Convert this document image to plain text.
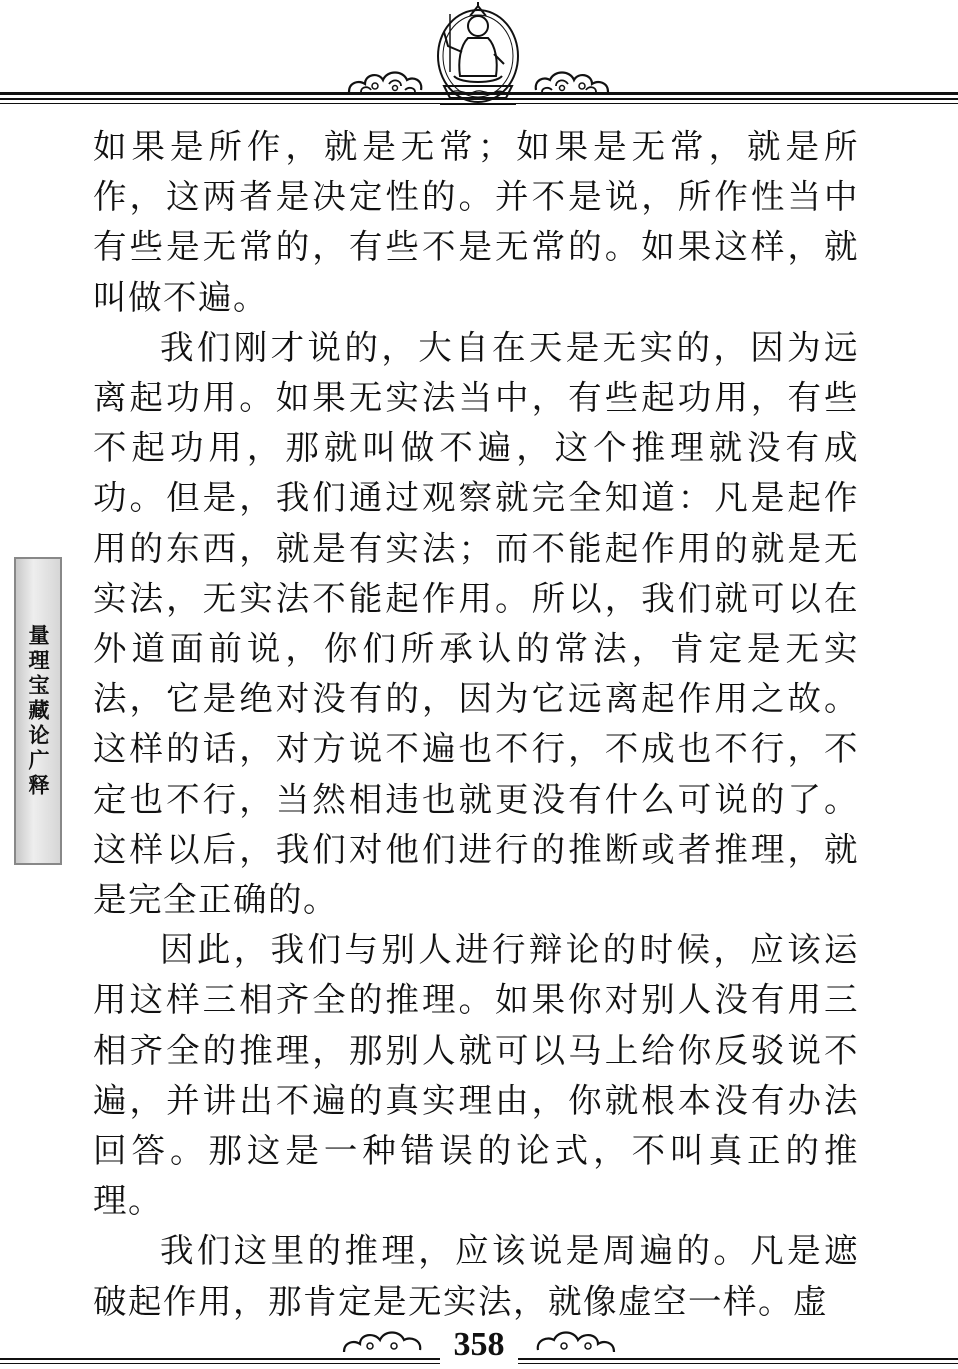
量理宝藏论广释

如果是所作，就是无常；如果是无常，就是所作，这两者是决定性的。并不是说，所作性当中有些是无常的，有些不是无常的。如果这样，就叫做不遍。

我们刚才说的，大自在天是无实的，因为远离起功用。如果无实法当中，有些起功用，有些不起功用，那就叫做不遍，这个推理就没有成功。但是，我们通过观察就完全知道：凡是起作用的东西，就是有实法；而不能起作用的就是无实法，无实法不能起作用。所以，我们就可以在外道面前说，你们所承认的常法，肯定是无实法，它是绝对没有的，因为它远离起作用之故。这样的话，对方说不遍也不行，不成也不行，不定也不行，当然相违也就更没有什么可说的了。这样以后，我们对他们进行的推断或者推理，就是完全正确的。

因此，我们与别人进行辩论的时候，应该运用这样三相齐全的推理。如果你对别人没有用三相齐全的推理，那别人就可以马上给你反驳说不遍，并讲出不遍的真实理由，你就根本没有办法回答。那这是一种错误的论式，不叫真正的推理。

我们这里的推理，应该说是周遍的。凡是遮破起作用，那肯定是无实法，就像虚空一样。虚

358
